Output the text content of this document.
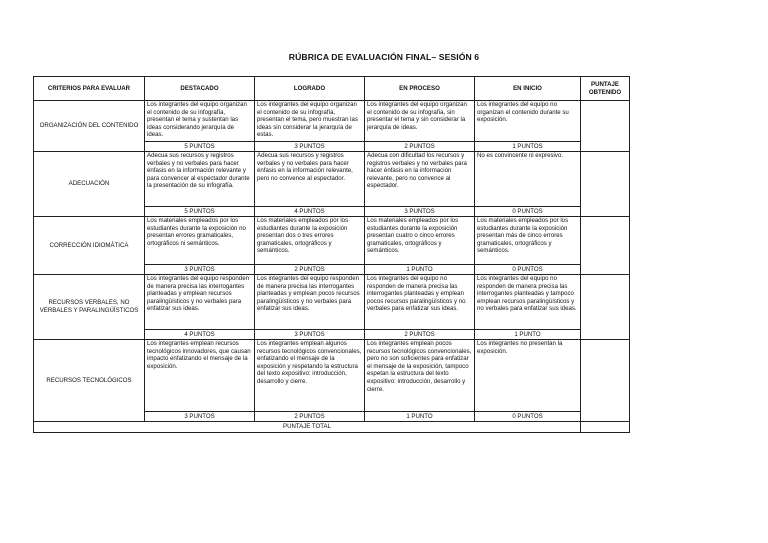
RÚBRICA DE EVALUACIÓN FINAL– SESIÓN 6
CRITERIOS PARA EVALUAR	DESTACADO	LOGRADO	EN PROCESO	EN INICIO	PUNTAJE OBTENIDO
ORGANIZACIÓN DEL CONTENIDO	Los integrantes del equipo organizan el contenido de su infografía, presentan el tema y sustentan las ideas considerando jerarquía de ideas.	Los integrantes del equipo organizan el contenido de su infografía, presentan el tema, pero muestran las ideas sin considerar la jerarquía de estas.	Los integrantes del equipo organizan el contenido de su infografía, sin presentar el tema y sin considerar la jerarquía de ideas.	Los integrantes del equipo no organizan el contenido durante su exposición.	
	5 PUNTOS	3 PUNTOS	2 PUNTOS	1 PUNTOS	
ADECUACIÓN	Adecua sus recursos y registros verbales y no verbales para hacer énfasis en la información relevante y para convencer al espectador durante la presentación de su infografía.	Adecua sus recursos y registros verbales y no verbales para hacer énfasis en la información relevante, pero no convence al espectador.	Adecua con dificultad los recursos y registros verbales y no verbales para hacer énfasis en la información relevante, pero no convence al espectador.	No es convincente ni expresivo.	
	5 PUNTOS	4 PUNTOS	3 PUNTOS	0 PUNTOS	
CORRECCIÓN IDIOMÁTICA	Los materiales empleados por los estudiantes durante la exposición no presentan errores gramaticales, ortográficos ni semánticos.	Los materiales empleados por los estudiantes durante la exposición presentan dos o tres errores gramaticales, ortográficos y semánticos.	Los materiales empleados por los estudiantes durante la exposición presentan cuatro o cinco errores gramaticales, ortográficos y semánticos.	Los materiales empleados por los estudiantes durante la exposición presentan más de cinco errores gramaticales, ortográficos y semánticos.	
	3 PUNTOS	2 PUNTOS	1 PUNTO	0 PUNTOS	
RECURSOS VERBALES, NO VERBALES Y PARALINGÜÍSTICOS	Los integrantes del equipo responden de manera precisa las interrogantes planteadas y emplean recursos paralingüísticos y no verbales para enfatizar sus ideas.	Los integrantes del equipo responden de manera precisa las interrogantes planteadas y emplean pocos recursos paralingüísticos y no verbales para enfatizar sus ideas.	Los integrantes del equipo no responden de manera precisa las interrogantes planteadas y emplean pocos recursos paralingüísticos y no verbales para enfatizar sus ideas.	Los integrantes del equipo no responden de manera precisa las interrogantes planteadas y tampoco emplean recursos paralingüísticos y no verbales para enfatizar sus ideas.	
	4 PUNTOS	3 PUNTOS	2 PUNTOS	1 PUNTO	
RECURSOS TECNOLÓGICOS	Los integrantes emplean recursos tecnológicos innovadores, que causan impacto enfatizando el mensaje de la exposición.	Los integrantes emplean algunos recursos tecnológicos convencionales, enfatizando el mensaje de la exposición y respetando la estructura del texto expositivo: introducción, desarrollo y cierre.	Los integrantes emplean pocos recursos tecnológicos convencionales, pero no son suficientes para enfatizar el mensaje de la exposición, tampoco espetan la estructura del texto expositivo: introducción, desarrollo y cierre.	Los integrantes no presentan la exposición.	
	3 PUNTOS	2 PUNTOS	1 PUNTO	0 PUNTOS	
PUNTAJE TOTAL					
